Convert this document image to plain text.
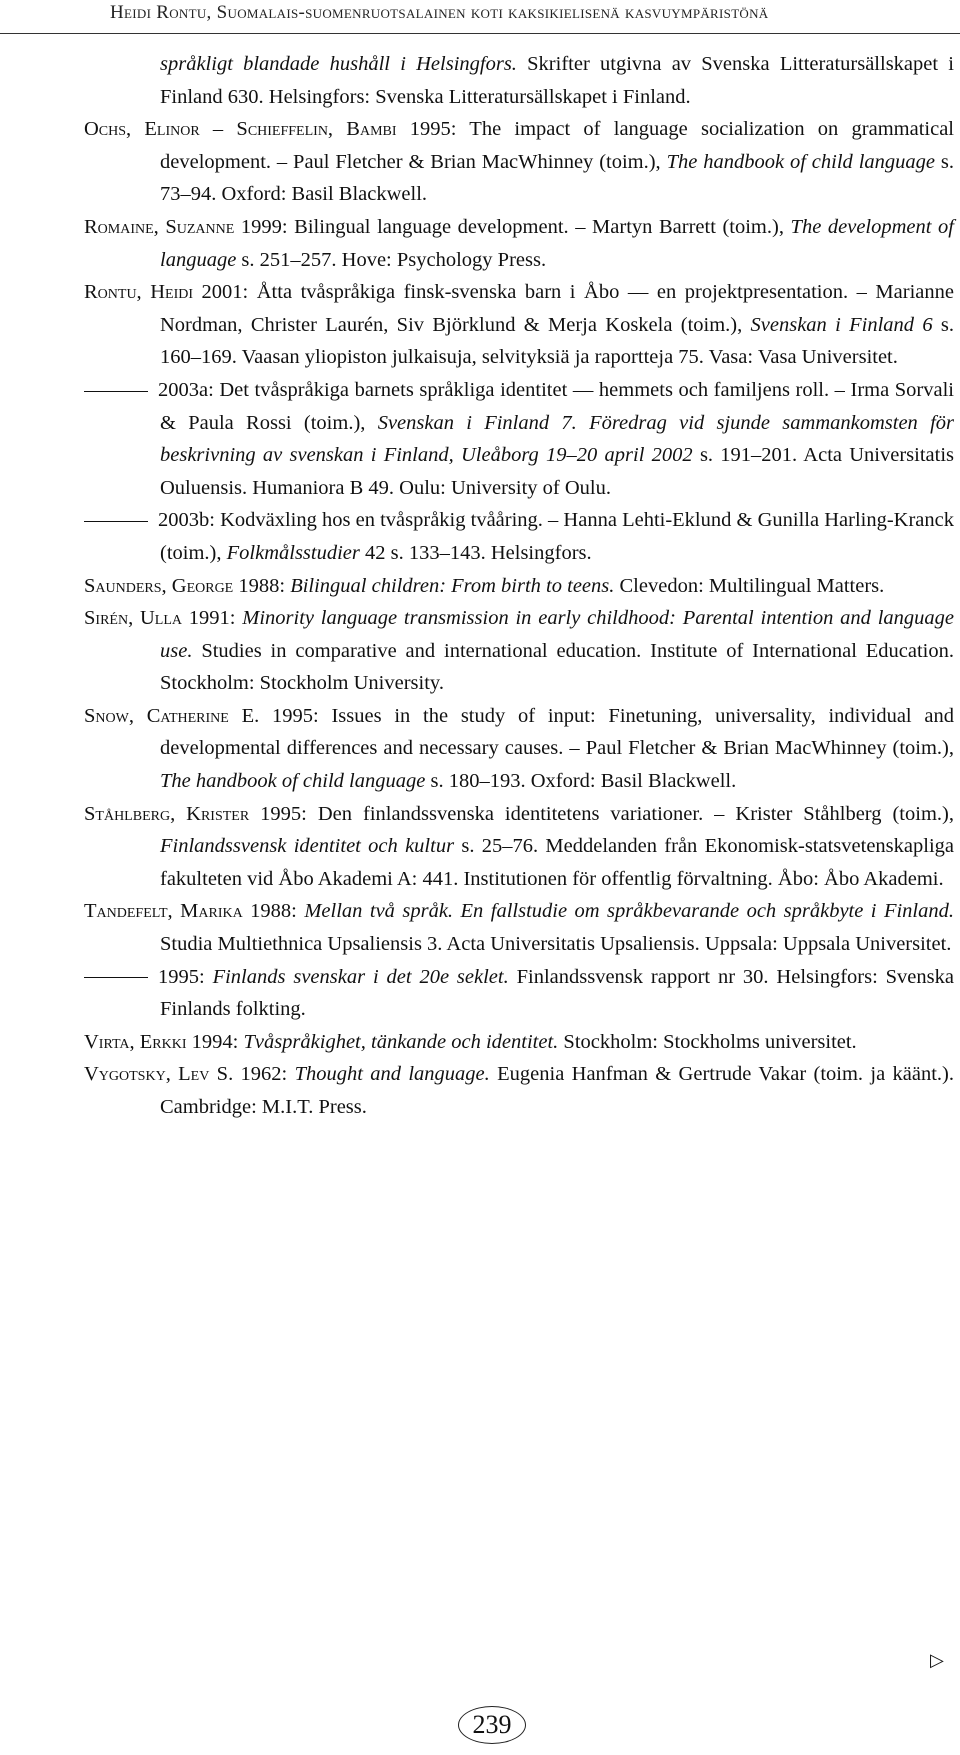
Heidi Rontu, Suomalais-suomenruotsalainen koti kaksikielisenä kasvuympäristönä
språkligt blandade hushåll i Helsingfors. Skrifter utgivna av Svenska Litteratursällskapet i Finland 630. Helsingfors: Svenska Litteratursällskapet i Finland.
Ochs, Elinor – Schieffelin, Bambi 1995: The impact of language socialization on grammatical development. – Paul Fletcher & Brian MacWhinney (toim.), The handbook of child language s. 73–94. Oxford: Basil Blackwell.
Romaine, Suzanne 1999: Bilingual language development. – Martyn Barrett (toim.), The development of language s. 251–257. Hove: Psychology Press.
Rontu, Heidi 2001: Åtta tvåspråkiga finsk-svenska barn i Åbo — en projektpresentation. – Marianne Nordman, Christer Laurén, Siv Björklund & Merja Koskela (toim.), Svenskan i Finland 6 s. 160–169. Vaasan yliopiston julkaisuja, selvityksiä ja raportteja 75. Vasa: Vasa Universitet.
2003a: Det tvåspråkiga barnets språkliga identitet — hemmets och familjens roll. – Irma Sorvali & Paula Rossi (toim.), Svenskan i Finland 7. Föredrag vid sjunde sammankomsten för beskrivning av svenskan i Finland, Uleåborg 19–20 april 2002 s. 191–201. Acta Universitatis Ouluensis. Humaniora B 49. Oulu: University of Oulu.
2003b: Kodväxling hos en tvåspråkig tvååring. – Hanna Lehti-Eklund & Gunilla Harling-Kranck (toim.), Folkmålsstudier 42 s. 133–143. Helsingfors.
Saunders, George 1988: Bilingual children: From birth to teens. Clevedon: Multilingual Matters.
Sirén, Ulla 1991: Minority language transmission in early childhood: Parental intention and language use. Studies in comparative and international education. Institute of International Education. Stockholm: Stockholm University.
Snow, Catherine E. 1995: Issues in the study of input: Finetuning, universality, individual and developmental differences and necessary causes. – Paul Fletcher & Brian MacWhinney (toim.), The handbook of child language s. 180–193. Oxford: Basil Blackwell.
Ståhlberg, Krister 1995: Den finlandssvenska identitetens variationer. – Krister Ståhlberg (toim.), Finlandssvensk identitet och kultur s. 25–76. Meddelanden från Ekonomisk-statsvetenskapliga fakulteten vid Åbo Akademi A: 441. Institutionen för offentlig förvaltning. Åbo: Åbo Akademi.
Tandefelt, Marika 1988: Mellan två språk. En fallstudie om språkbevarande och språkbyte i Finland. Studia Multiethnica Upsaliensis 3. Acta Universitatis Upsaliensis. Uppsala: Uppsala Universitet.
1995: Finlands svenskar i det 20e seklet. Finlandssvensk rapport nr 30. Helsingfors: Svenska Finlands folkting.
Virta, Erkki 1994: Tvåspråkighet, tänkande och identitet. Stockholm: Stockholms universitet.
Vygotsky, Lev S. 1962: Thought and language. Eugenia Hanfman & Gertrude Vakar (toim. ja käänt.). Cambridge: M.I.T. Press.
▷
239
